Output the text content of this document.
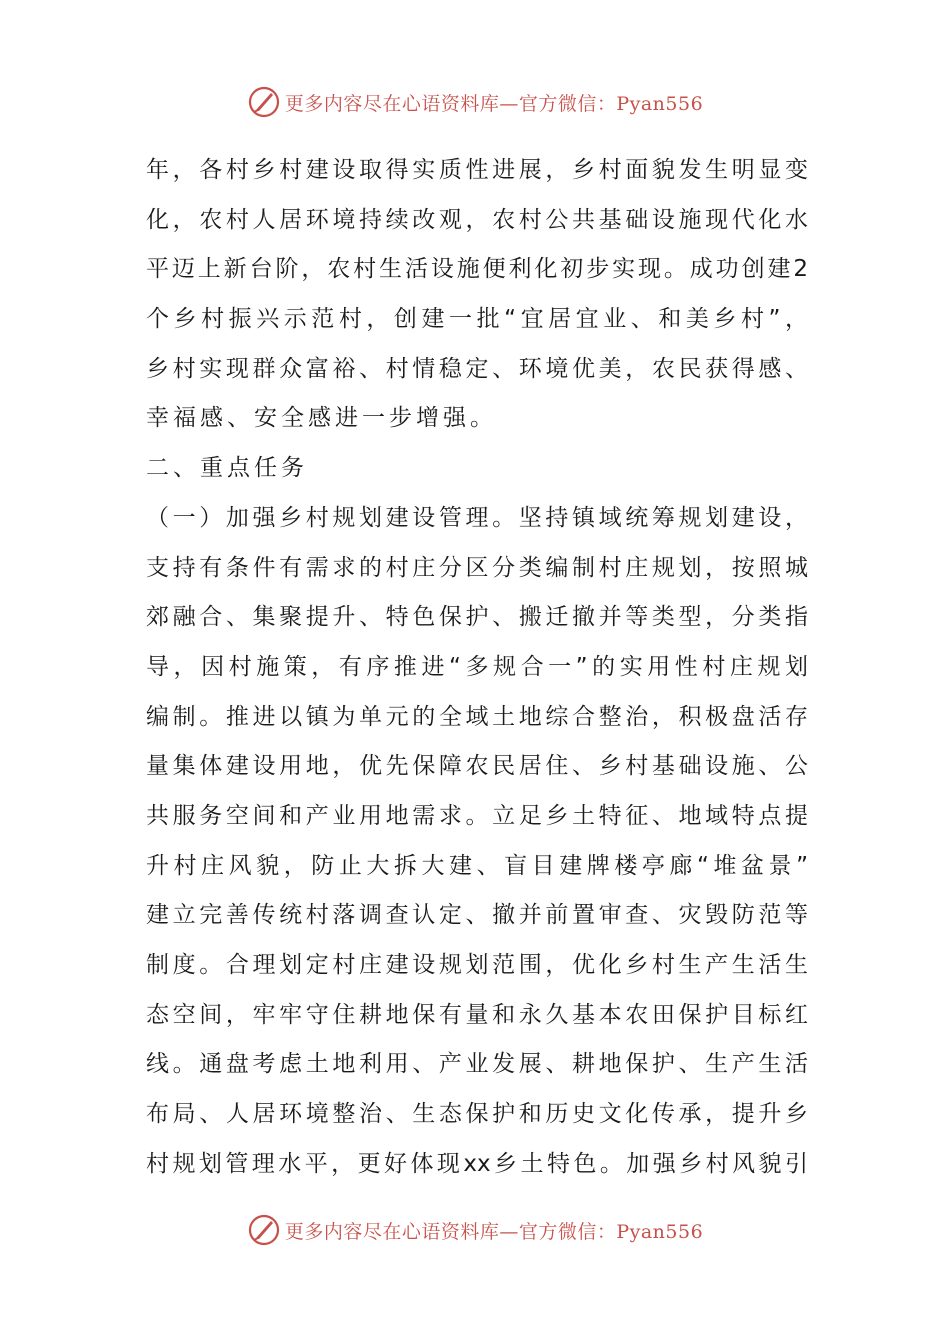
更多内容尽在心语资料库—官方微信：Pyan556
年，各村乡村建设取得实质性进展，乡村面貌发生明显变
化，农村人居环境持续改观，农村公共基础设施现代化水
平迈上新台阶，农村生活设施便利化初步实现。成功创建2
个乡村振兴示范村，创建一批“宜居宜业、和美乡村”，
乡村实现群众富裕、村情稳定、环境优美，农民获得感、
幸福感、安全感进一步增强。
二、重点任务
（一）加强乡村规划建设管理。坚持镇域统筹规划建设，
支持有条件有需求的村庄分区分类编制村庄规划，按照城
郊融合、集聚提升、特色保护、搬迁撤并等类型，分类指
导，因村施策，有序推进“多规合一”的实用性村庄规划
编制。推进以镇为单元的全域土地综合整治，积极盘活存
量集体建设用地，优先保障农民居住、乡村基础设施、公
共服务空间和产业用地需求。立足乡土特征、地域特点提
升村庄风貌，防止大拆大建、盲目建牌楼亭廊“堆盆景”
建立完善传统村落调查认定、撤并前置审查、灾毁防范等
制度。合理划定村庄建设规划范围，优化乡村生产生活生
态空间，牢牢守住耕地保有量和永久基本农田保护目标红
线。通盘考虑土地利用、产业发展、耕地保护、生产生活
布局、人居环境整治、生态保护和历史文化传承，提升乡
村规划管理水平，更好体现xx乡土特色。加强乡村风貌引
更多内容尽在心语资料库—官方微信：Pyan556
